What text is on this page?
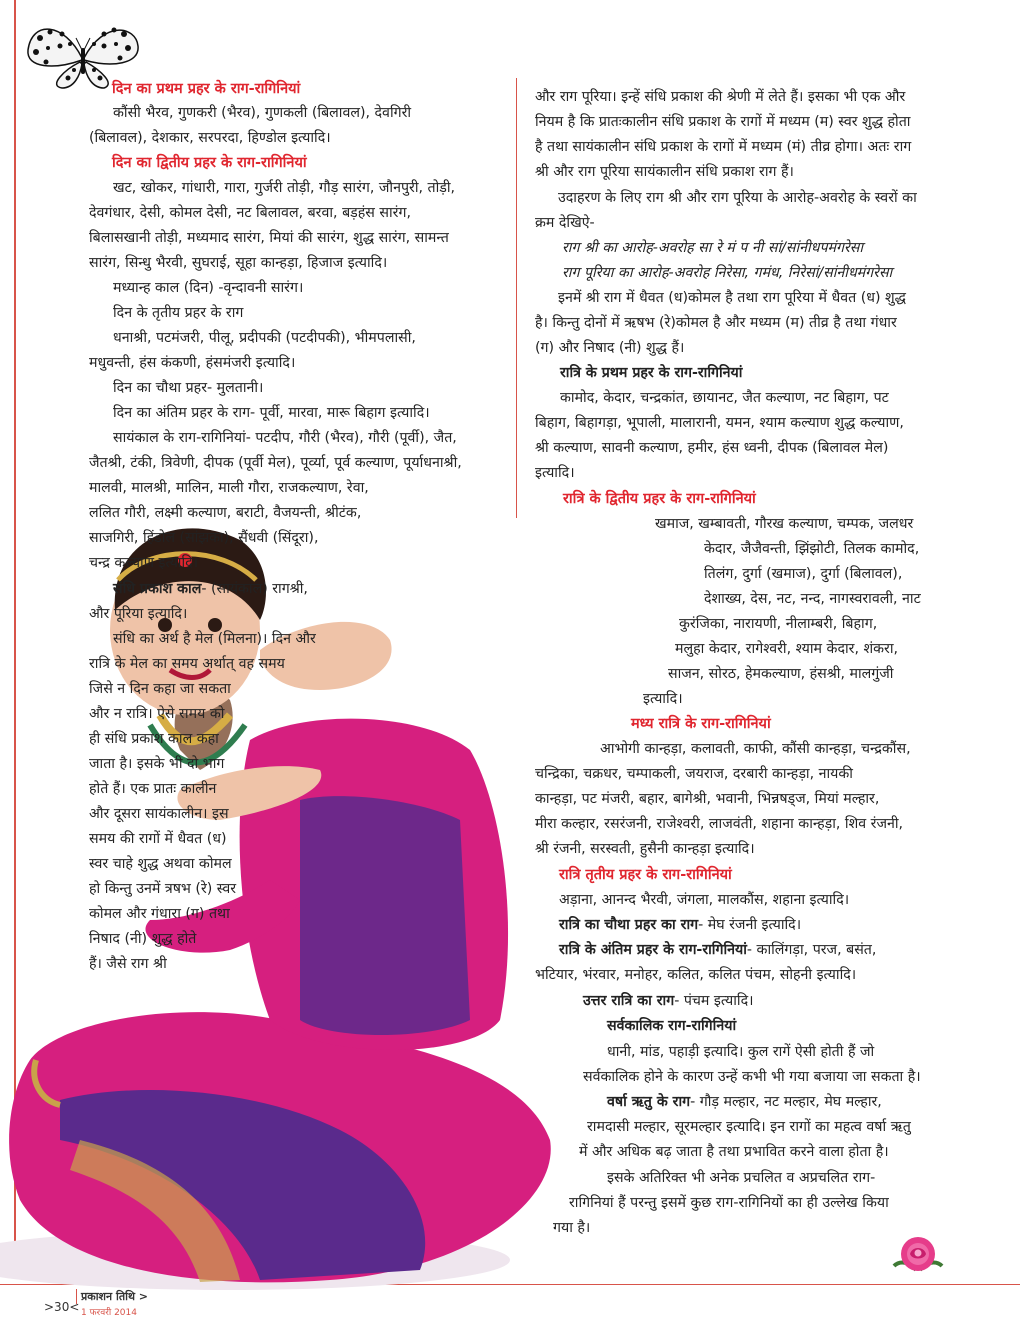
दिन का प्रथम प्रहर के राग-रागिनियां
कौंसी भैरव, गुणकरी (भैरव), गुणकली (बिलावल), देवगिरी
(बिलावल), देशकार, सरपरदा, हिण्डोल इत्यादि।
दिन का द्वितीय प्रहर के राग-रागिनियां
खट, खोकर, गांधारी, गारा, गुर्जरी तोड़ी, गौड़ सारंग, जौनपुरी, तोड़ी,
देवगंधार, देसी, कोमल देसी, नट बिलावल, बरवा, बड़हंस सारंग,
बिलासखानी तोड़ी, मध्यमाद सारंग, मियां की सारंग, शुद्ध सारंग, सामन्त
सारंग, सिन्धु भैरवी, सुघराई, सूहा कान्हड़ा, हिजाज इत्यादि।
मध्यान्ह काल (दिन) -वृन्दावनी सारंग।
दिन के तृतीय प्रहर के राग
धनाश्री, पटमंजरी, पीलू, प्रदीपकी (पटदीपकी), भीमपलासी,
मधुवन्ती, हंस कंकणी, हंसमंजरी इत्यादि।
दिन का चौथा प्रहर- मुलतानी।
दिन का अंतिम प्रहर के राग- पूर्वी, मारवा, मारू बिहाग इत्यादि।
सायंकाल के राग-रागिनियां- पटदीप, गौरी (भैरव), गौरी (पूर्वी), जैत,
जैतश्री, टंकी, त्रिवेणी, दीपक (पूर्वी मेल), पूर्व्या, पूर्व कल्याण, पूर्याधनाश्री,
मालवी, मालश्री, मालिन, माली गौरा, राजकल्याण, रेवा,
ललित गौरी, लक्ष्मी कल्याण, बराटी, वैजयन्ती, श्रीटंक,
साजगिरी, हिंडोल (सांझका), सैंधवी (सिंदूरा),
चन्द्र कल्याण इत्यादि।
संधि प्रकाश काल- (सायंकाल) रागश्री,
और पूरिया इत्यादि।
संधि का अर्थ है मेल (मिलना)। दिन और
रात्रि के मेल का समय अर्थात् वह समय
जिसे न दिन कहा जा सकता
और न रात्रि। ऐसे समय को
ही संधि प्रकाश काल कहा
जाता है। इसके भी दो भाग
होते हैं। एक प्रातः कालीन
और दूसरा सायंकालीन। इस
समय की रागों में धैवत (ध)
स्वर चाहे शुद्ध अथवा कोमल
हो किन्तु उनमें त्रषभ (रे) स्वर
कोमल और गंधारा (ग) तथा
निषाद (नी) शुद्ध होते
हैं। जैसे राग श्री
और राग पूरिया। इन्हें संधि प्रकाश की श्रेणी में लेते हैं। इसका भी एक और
नियम है कि प्रातःकालीन संधि प्रकाश के रागों में मध्यम (म) स्वर शुद्ध होता
है तथा सायंकालीन संधि प्रकाश के रागों में मध्यम (मं) तीव्र होगा। अतः राग
श्री और राग पूरिया सायंकालीन संधि प्रकाश राग हैं।
उदाहरण के लिए राग श्री और राग पूरिया के आरोह-अवरोह के स्वरों का
क्रम देखिऐ-
राग श्री का आरोह-अवरोह सा रे मं प नी सां/सांनीधपमंगरेसा
राग पूरिया का आरोह-अवरोह निरेसा, गमंध, निरेसां/सांनीधमंगरेसा
इनमें श्री राग में धैवत (ध)कोमल है तथा राग पूरिया में धैवत (ध) शुद्ध
है। किन्तु दोनों में ऋषभ (रे)कोमल है और मध्यम (म) तीव्र है तथा गंधार
(ग) और निषाद (नी) शुद्ध हैं।
रात्रि के प्रथम प्रहर के राग-रागिनियां
कामोद, केदार, चन्द्रकांत, छायानट, जैत कल्याण, नट बिहाग, पट
बिहाग, बिहागड़ा, भूपाली, मालारानी, यमन, श्याम कल्याण शुद्ध कल्याण,
श्री कल्याण, सावनी कल्याण, हमीर, हंस ध्वनी, दीपक (बिलावल मेल)
इत्यादि।
रात्रि के द्वितीय प्रहर के राग-रागिनियां
खमाज, खम्बावती, गौरख कल्याण, चम्पक, जलधर
केदार, जैजैवन्ती, झिंझोटी, तिलक कामोद,
तिलंग, दुर्गा (खमाज), दुर्गा (बिलावल),
देशाख्य, देस, नट, नन्द, नागस्वरावली, नाट
कुरंजिका, नारायणी, नीलाम्बरी, बिहाग,
मलुहा केदार, रागेश्वरी, श्याम केदार, शंकरा,
साजन, सोरठ, हेमकल्याण, हंसश्री, मालगुंजी
इत्यादि।
मध्य रात्रि के राग-रागिनियां
आभोगी कान्हड़ा, कलावती, काफी, कौंसी कान्हड़ा, चन्द्रकौंस,
चन्द्रिका, चक्रधर, चम्पाकली, जयराज, दरबारी कान्हड़ा, नायकी
कान्हड़ा, पट मंजरी, बहार, बागेश्री, भवानी, भिन्नषड्ज, मियां मल्हार,
मीरा कल्हार, रसरंजनी, राजेश्वरी, लाजवंती, शहाना कान्हड़ा, शिव रंजनी,
श्री रंजनी, सरस्वती, हुसैनी कान्हड़ा इत्यादि।
रात्रि तृतीय प्रहर के राग-रागिनियां
अड़ाना, आनन्द भैरवी, जंगला, मालकौंस, शहाना इत्यादि।
रात्रि का चौथा प्रहर का राग- मेघ रंजनी इत्यादि।
रात्रि के अंतिम प्रहर के राग-रागिनियां- कालिंगड़ा, परज, बसंत,
भटियार, भंरवार, मनोहर, कलित, कलित पंचम, सोहनी इत्यादि।
उत्तर रात्रि का राग- पंचम इत्यादि।
सर्वकालिक राग-रागिनियां
धानी, मांड, पहाड़ी इत्यादि। कुल रागें ऐसी होती हैं जो
सर्वकालिक होने के कारण उन्हें कभी भी गया बजाया जा सकता है।
वर्षा ऋतु के राग- गौड़ मल्हार, नट मल्हार, मेघ मल्हार,
रामदासी मल्हार, सूरमल्हार इत्यादि। इन रागों का महत्व वर्षा ऋतु
में और अधिक बढ़ जाता है तथा प्रभावित करने वाला होता है।
इसके अतिरिक्त भी अनेक प्रचलित व अप्रचलित राग-
रागिनियां हैं परन्तु इसमें कुछ राग-रागिनियों का ही उल्लेख किया
गया है।
>30<
प्रकाशन तिथि >
1 फरवरी 2014
